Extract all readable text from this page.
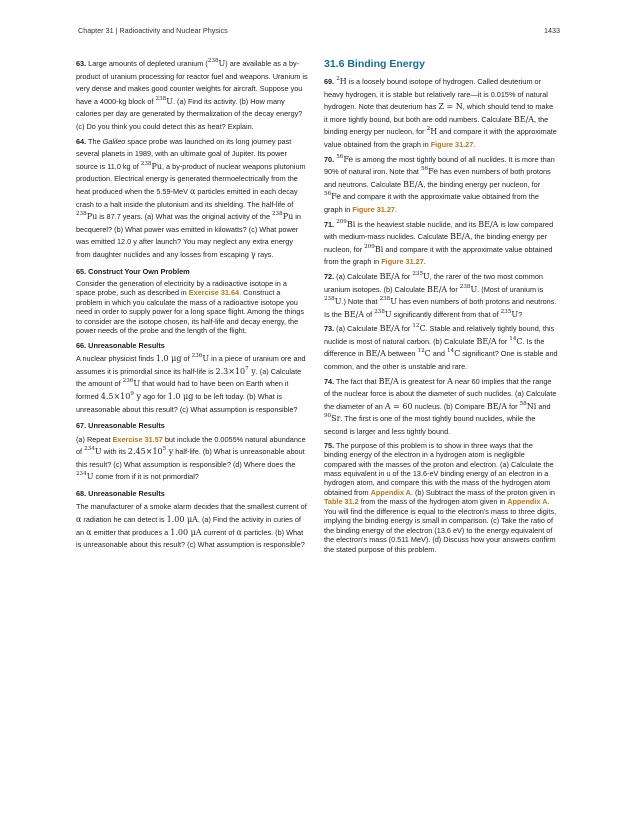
Chapter 31 | Radioactivity and Nuclear Physics	1433

63. Large amounts of depleted uranium ($^{238}$U) are available as a by-product of uranium processing for reactor fuel and weapons. Uranium is very dense and makes good counter weights for aircraft. Suppose you have a 4000-kg block of $^{238}$U. (a) Find its activity. (b) How many calories per day are generated by thermalization of the decay energy? (c) Do you think you could detect this as heat? Explain.

64. The Galileo space probe was launched on its long journey past several planets in 1989, with an ultimate goal of Jupiter. Its power source is 11.0 kg of $^{238}$Pu, a by-product of nuclear weapons plutonium production. Electrical energy is generated thermoelectrically from the heat produced when the 5.59-MeV α particles emitted in each decay crash to a halt inside the plutonium and its shielding. The half-life of $^{238}$Pu is 87.7 years. (a) What was the original activity of the $^{238}$Pu in becquerel? (b) What power was emitted in kilowatts? (c) What power was emitted 12.0 y after launch? You may neglect any extra energy from daughter nuclides and any losses from escaping γ rays.

65. Construct Your Own Problem

Consider the generation of electricity by a radioactive isotope in a space probe, such as described in Exercise 31.64. Construct a problem in which you calculate the mass of a radioactive isotope you need in order to supply power for a long space flight. Among the things to consider are the isotope chosen, its half-life and decay energy, the power needs of the probe and the length of the flight.

66. Unreasonable Results

A nuclear physicist finds 1.0 μg of $^{236}$U in a piece of uranium ore and assumes it is primordial since its half-life is $2.3\times 10^7$ y. (a) Calculate the amount of $^{236}$U that would had to have been on Earth when it formed $4.5\times 10^9$ y ago for 1.0 μg to be left today. (b) What is unreasonable about this result? (c) What assumption is responsible?

67. Unreasonable Results

(a) Repeat Exercise 31.57 but include the 0.0055% natural abundance of $^{234}$U with its $2.45\times 10^5$ y half-life. (b) What is unreasonable about this result? (c) What assumption is responsible? (d) Where does the $^{234}$U come from if it is not primordial?

68. Unreasonable Results

The manufacturer of a smoke alarm decides that the smallest current of α radiation he can detect is 1.00 μA. (a) Find the activity in curies of an α emitter that produces a 1.00 μA current of α particles. (b) What is unreasonable about this result? (c) What assumption is responsible?

31.6 Binding Energy

69. $^2$H is a loosely bound isotope of hydrogen. Called deuterium or heavy hydrogen, it is stable but relatively rare—it is 0.015% of natural hydrogen. Note that deuterium has Z = N, which should tend to make it more tightly bound, but both are odd numbers. Calculate BE/A, the binding energy per nucleon, for $^2$H and compare it with the approximate value obtained from the graph in Figure 31.27.

70. $^{56}$Fe is among the most tightly bound of all nuclides. It is more than 90% of natural iron. Note that $^{56}$Fe has even numbers of both protons and neutrons. Calculate BE/A, the binding energy per nucleon, for $^{56}$Fe and compare it with the approximate value obtained from the graph in Figure 31.27.

71. $^{209}$Bi is the heaviest stable nuclide, and its BE/A is low compared with medium-mass nuclides. Calculate BE/A, the binding energy per nucleon, for $^{209}$Bi and compare it with the approximate value obtained from the graph in Figure 31.27.

72. (a) Calculate BE/A for $^{235}$U, the rarer of the two most common uranium isotopes. (b) Calculate BE/A for $^{238}$U. (Most of uranium is $^{238}$U.) Note that $^{238}$U has even numbers of both protons and neutrons. Is the BE/A of $^{238}$U significantly different from that of $^{235}$U?

73. (a) Calculate BE/A for $^{12}$C. Stable and relatively tightly bound, this nuclide is most of natural carbon. (b) Calculate BE/A for $^{14}$C. Is the difference in BE/A between $^{12}$C and $^{14}$C significant? One is stable and common, and the other is unstable and rare.

74. The fact that BE/A is greatest for A near 60 implies that the range of the nuclear force is about the diameter of such nuclides. (a) Calculate the diameter of an A = 60 nucleus. (b) Compare BE/A for $^{58}$Ni and $^{90}$Sr. The first is one of the most tightly bound nuclides, while the second is larger and less tightly bound.

75. The purpose of this problem is to show in three ways that the binding energy of the electron in a hydrogen atom is negligible compared with the masses of the proton and electron. (a) Calculate the mass equivalent in u of the 13.6-eV binding energy of an electron in a hydrogen atom, and compare this with the mass of the hydrogen atom obtained from Appendix A. (b) Subtract the mass of the proton given in Table 31.2 from the mass of the hydrogen atom given in Appendix A. You will find the difference is equal to the electron's mass to three digits, implying the binding energy is small in comparison. (c) Take the ratio of the binding energy of the electron (13.6 eV) to the energy equivalent of the electron's mass (0.511 MeV). (d) Discuss how your answers confirm the stated purpose of this problem.
